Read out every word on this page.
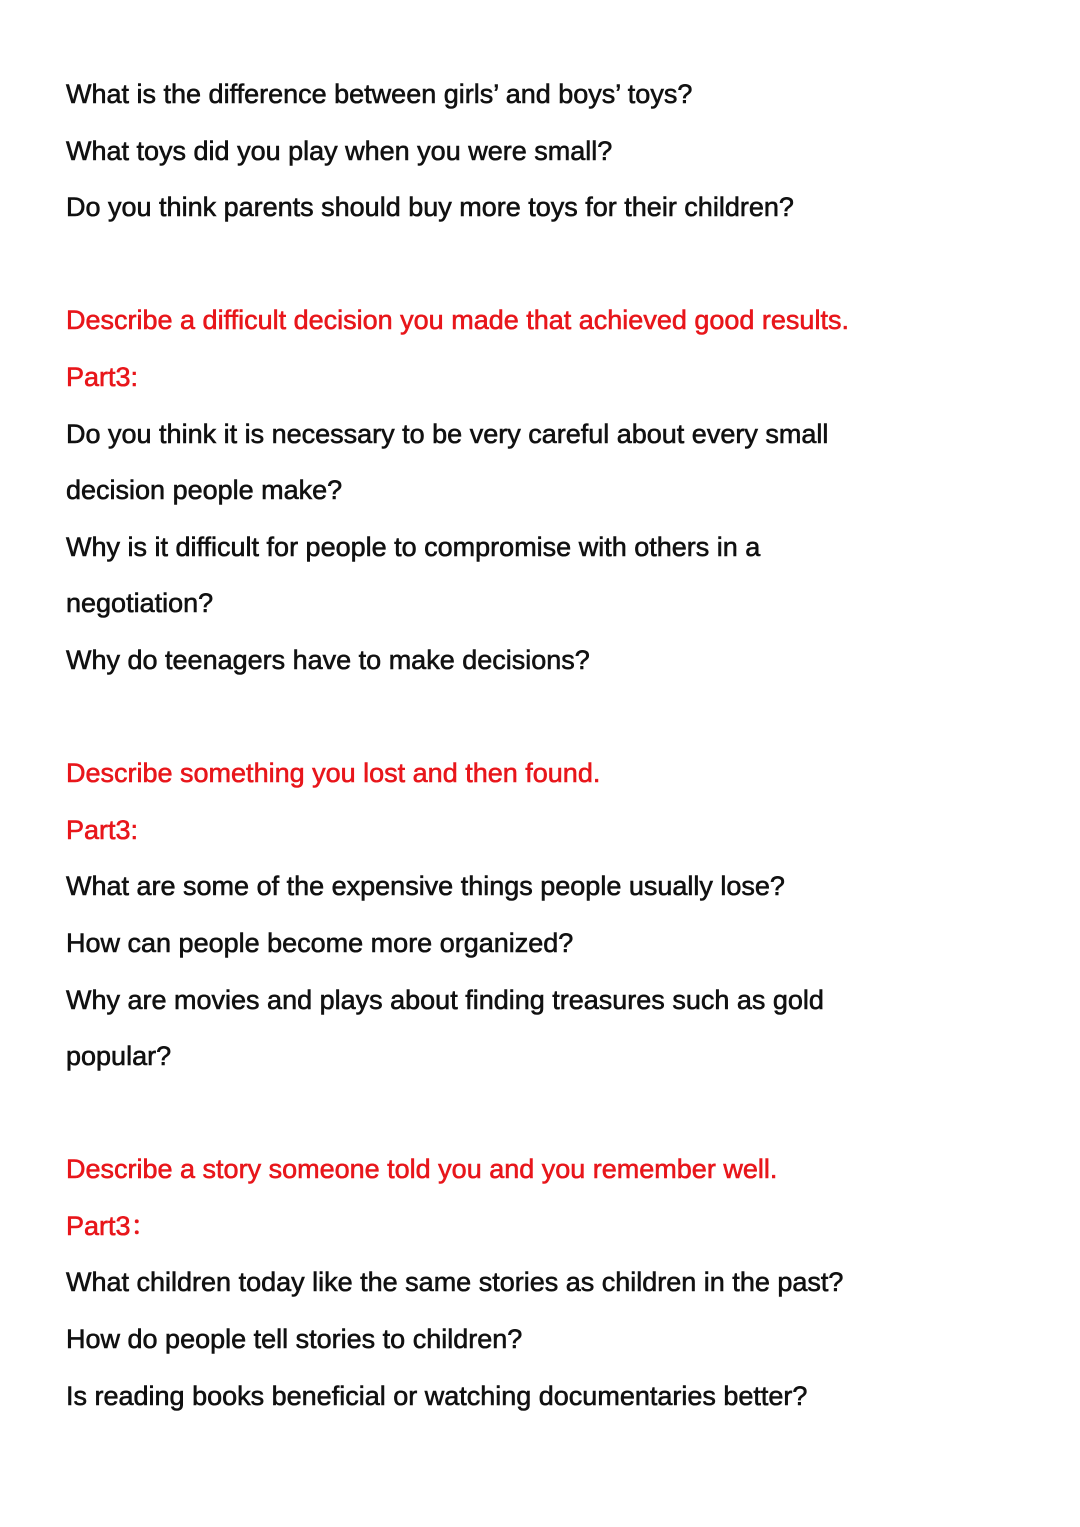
What is the difference between girls’ and boys’ toys?
What toys did you play when you were small?
Do you think parents should buy more toys for their children?
Describe a difficult decision you made that achieved good results.
Part3:
Do you think it is necessary to be very careful about every small
decision people make?
Why is it difficult for people to compromise with others in a
negotiation?
Why do teenagers have to make decisions?
Describe something you lost and then found.
Part3:
What are some of the expensive things people usually lose?
How can people become more organized?
Why are movies and plays about finding treasures such as gold
popular?
Describe a story someone told you and you remember well.
Part3：
What children today like the same stories as children in the past?
How do people tell stories to children?
Is reading books beneficial or watching documentaries better?
